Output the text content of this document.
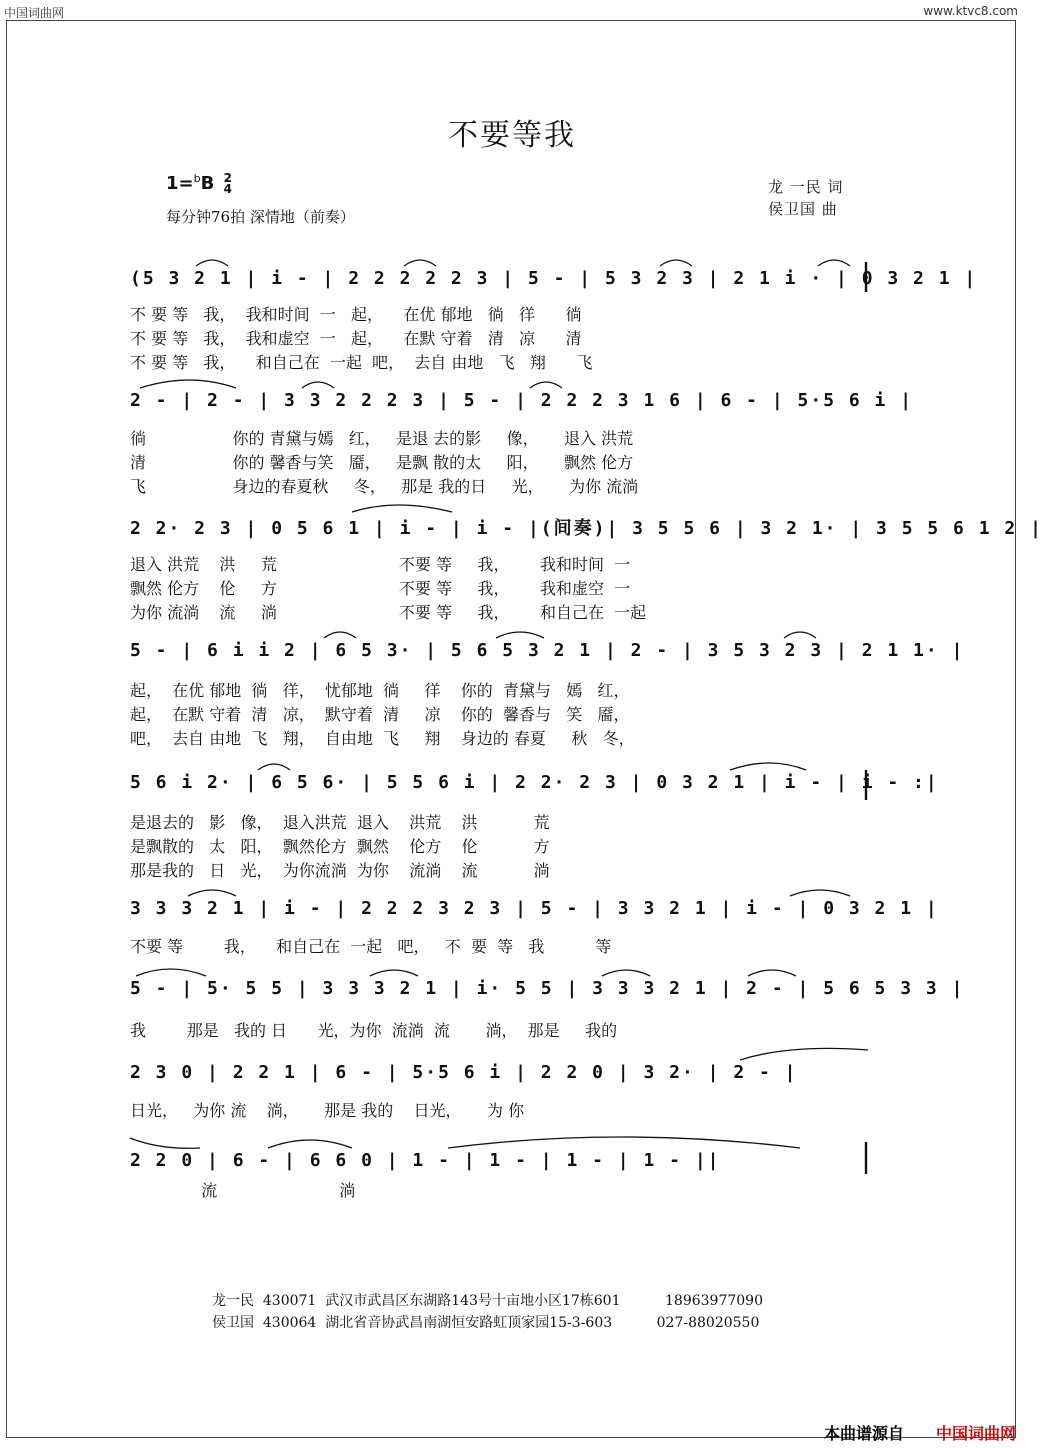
中国词曲网	www.ktvc8.com
不要等我
1=$^b$B 2
4
每分钟76拍 深情地（前奏）
龙 一民 词
侯卫国 曲
(5 3 2 1 | i - | 2 2 2 2 2 3 | 5 - | 5 3 2 3 | 2 1 i · | 0 3 2 1 |
不 要 等   我，  我和时间  一   起，    在优 郁地   徜   徉      徜
不 要 等   我，  我和虚空  一   起，    在默 守着   清   凉      清
不 要 等   我，    和自己在  一起  吧，  去自 由地   飞   翔      飞
2 - | 2 - | 3 3 2 2 2 3 | 5 - | 2 2 2 3 1 6 | 6 - | 5·5 6 i |
徜                 你的 青黛与嫣   红，   是退 去的影     像，     退入 洪荒
清                 你的 馨香与笑   靥，   是飘 散的太     阳，     飘然 伦方
飞                 身边的春夏秋     冬，   那是 我的日     光，     为你 流淌
2 2· 2 3 | 0 5 6 1 | i - | i - |(间奏)| 3 5 5 6 | 3 2 1· | 3 5 5 6 1 2 |
退入 洪荒    洪     荒                        不要 等     我，      我和时间  一
飘然 伦方    伦     方                        不要 等     我，      我和虚空  一
为你 流淌    流     淌                        不要 等     我，      和自己在  一起
5 - | 6 i i 2 | 6 5 3· | 5 6 5 3 2 1 | 2 - | 3 5 3 2 3 | 2 1 1· |
起，  在优 郁地  徜   徉，  忧郁地  徜     徉    你的  青黛与   嫣   红，
起，  在默 守着  清   凉，  默守着  清     凉    你的  馨香与   笑   靥，
吧，  去自 由地  飞   翔，  自由地  飞     翔    身边的 春夏     秋   冬，
5 6 i 2· | 6 5 6· | 5 5 6 i | 2 2· 2 3 | 0 3 2 1 | i - | i - :|
是退去的   影   像，  退入洪荒  退入    洪荒    洪           荒
是飘散的   太   阳，  飘然伦方  飘然    伦方    伦           方
那是我的   日   光，  为你流淌  为你    流淌    流           淌
3 3 3 2 1 | i - | 2 2 2 3 2 3 | 5 - | 3 3 2 1 | i - | 0 3 2 1 |
不要 等        我，    和自己在  一起   吧，   不  要  等   我          等
5 - | 5· 5 5 | 3 3 3 2 1 | i· 5 5 | 3 3 3 2 1 | 2 - | 5 6 5 3 3 |
我        那是   我的 日      光，为你  流淌  流       淌，  那是     我的
2 3 0 | 2 2 1 | 6 - | 5·5 6 i | 2 2 0 | 3 2· | 2 - |
日光，   为你 流    淌，     那是 我的    日光，     为 你
2 2 0 | 6 - | 6 6 0 | 1 - | 1 - | 1 - | 1 - ||
流                        淌
龙一民  430071  武汉市武昌区东湖路143号十亩地小区17栋601          18963977090
侯卫国  430064  湖北省音协武昌南湖恒安路虹顶家园15-3-603          027-88020550
本曲谱源自 中国词曲网
